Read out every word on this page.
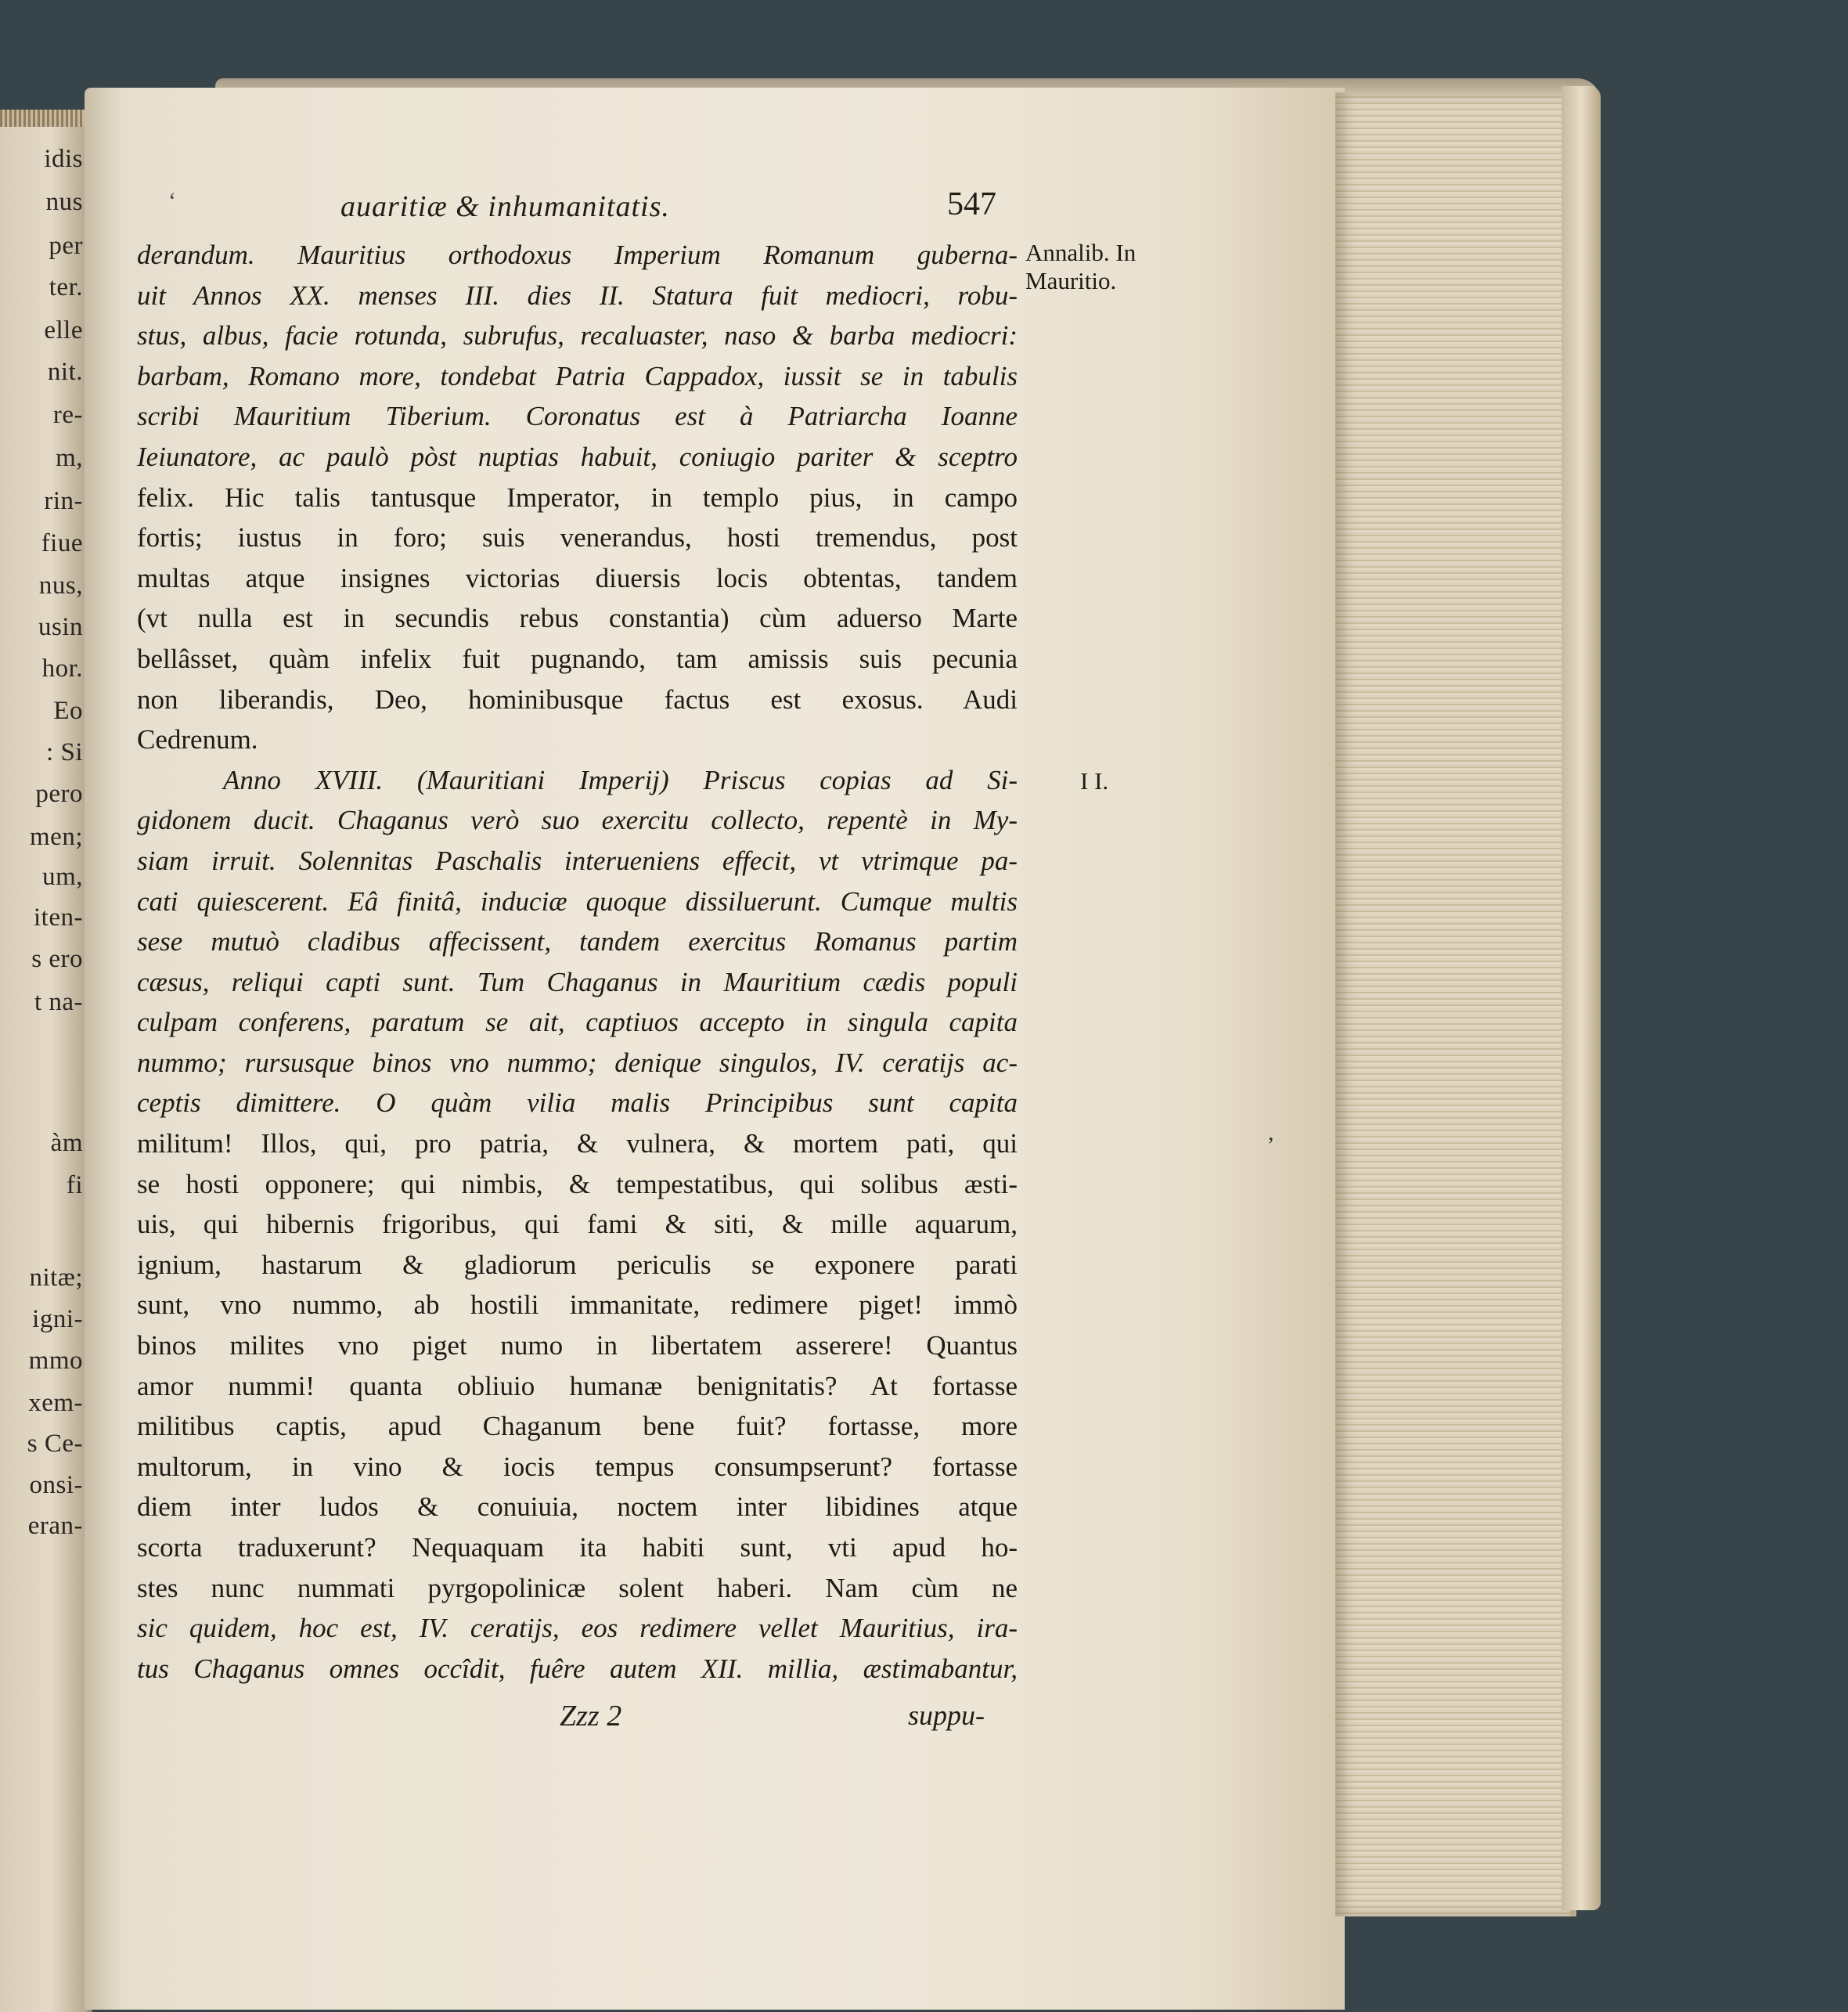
idis
nus
per
ter.
elle
nit.
re-
m,
rin-
fiue
nus,
usin
hor.
Eo
: Si
pero
men;
um,
iten-
s ero
t na-
àm
fi
nitæ;
igni-
mmo
xem-
s Ce-
onsi-
eran-
‘	auaritiæ & inhumanitatis.	547
derandum. Mauritius orthodoxus Imperium Romanum guberna-
uit Annos XX. menses III. dies II. Statura fuit mediocri, robu-
stus, albus, facie rotunda, subrufus, recaluaster, naso & barba mediocri:
barbam, Romano more, tondebat Patria Cappadox, iussit se in tabulis
scribi Mauritium Tiberium. Coronatus est à Patriarcha Ioanne
Ieiunatore, ac paulò pòst nuptias habuit, coniugio pariter & sceptro
felix. Hic talis tantusque Imperator, in templo pius, in campo
fortis; iustus in foro; suis venerandus, hosti tremendus, post
multas atque insignes victorias diuersis locis obtentas, tandem
(vt nulla est in secundis rebus constantia) cùm aduerso Marte
bellâsset, quàm infelix fuit pugnando, tam amissis suis pecunia
non liberandis, Deo, hominibusque factus est exosus. Audi
Cedrenum.
Anno XVIII. (Mauritiani Imperij) Priscus copias ad Si-
gidonem ducit. Chaganus verò suo exercitu collecto, repentè in My-
siam irruit. Solennitas Paschalis interueniens effecit, vt vtrimque pa-
cati quiescerent. Eâ finitâ, induciæ quoque dissiluerunt. Cumque multis
sese mutuò cladibus affecissent, tandem exercitus Romanus partim
cæsus, reliqui capti sunt. Tum Chaganus in Mauritium cædis populi
culpam conferens, paratum se ait, captiuos accepto in singula capita
nummo; rursusque binos vno nummo; denique singulos, IV. ceratijs ac-
ceptis dimittere. O quàm vilia malis Principibus sunt capita
militum! Illos, qui, pro patria, & vulnera, & mortem pati, qui
se hosti opponere; qui nimbis, & tempestatibus, qui solibus æsti-
uis, qui hibernis frigoribus, qui fami & siti, & mille aquarum,
ignium, hastarum & gladiorum periculis se exponere parati
sunt, vno nummo, ab hostili immanitate, redimere piget! immò
binos milites vno piget numo in libertatem asserere! Quantus
amor nummi! quanta obliuio humanæ benignitatis? At fortasse
militibus captis, apud Chaganum bene fuit? fortasse, more
multorum, in vino & iocis tempus consumpserunt? fortasse
diem inter ludos & conuiuia, noctem inter libidines atque
scorta traduxerunt? Nequaquam ita habiti sunt, vti apud ho-
stes nunc nummati pyrgopolinicæ solent haberi. Nam cùm ne
sic quidem, hoc est, IV. ceratijs, eos redimere vellet Mauritius, ira-
tus Chaganus omnes occîdit, fuêre autem XII. millia, æstimabantur,
Annalib. In Mauritio.
I I.
,
Zzz 2	suppu-
